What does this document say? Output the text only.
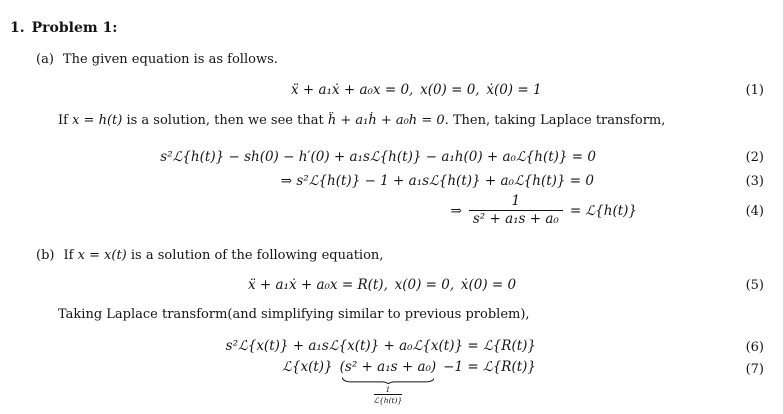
1. Problem 1:
(a) The given equation is as follows.
ẍ + a₁ẋ + a₀x = 0, x(0) = 0, ẋ(0) = 1	(1)
If x = h(t) is a solution, then we see that ḧ + a₁ḣ + a₀h = 0. Then, taking Laplace transform,
s²ℒ{h(t)} − sh(0) − h′(0) + a₁sℒ{h(t)} − a₁h(0) + a₀ℒ{h(t)} = 0	(2)
⇒ s²ℒ{h(t)} − 1 + a₁sℒ{h(t)} + a₀ℒ{h(t)} = 0	(3)
⇒ $\frac{1}{\text{s² + a₁s + a₀}}$ = ℒ{h(t)}	(4)
(b) If x = x(t) is a solution of the following equation,
ẍ + a₁ẋ + a₀x = R(t), x(0) = 0, ẋ(0) = 0	(5)
Taking Laplace transform(and simplifying similar to previous problem),
s²ℒ{x(t)} + a₁sℒ{x(t)} + a₀ℒ{x(t)} = ℒ{R(t)}	(6)
ℒ{x(t)} (s² + a₁s + a₀)
1
ℒ{h(t)}
−1 = ℒ{R(t)}	(7)
